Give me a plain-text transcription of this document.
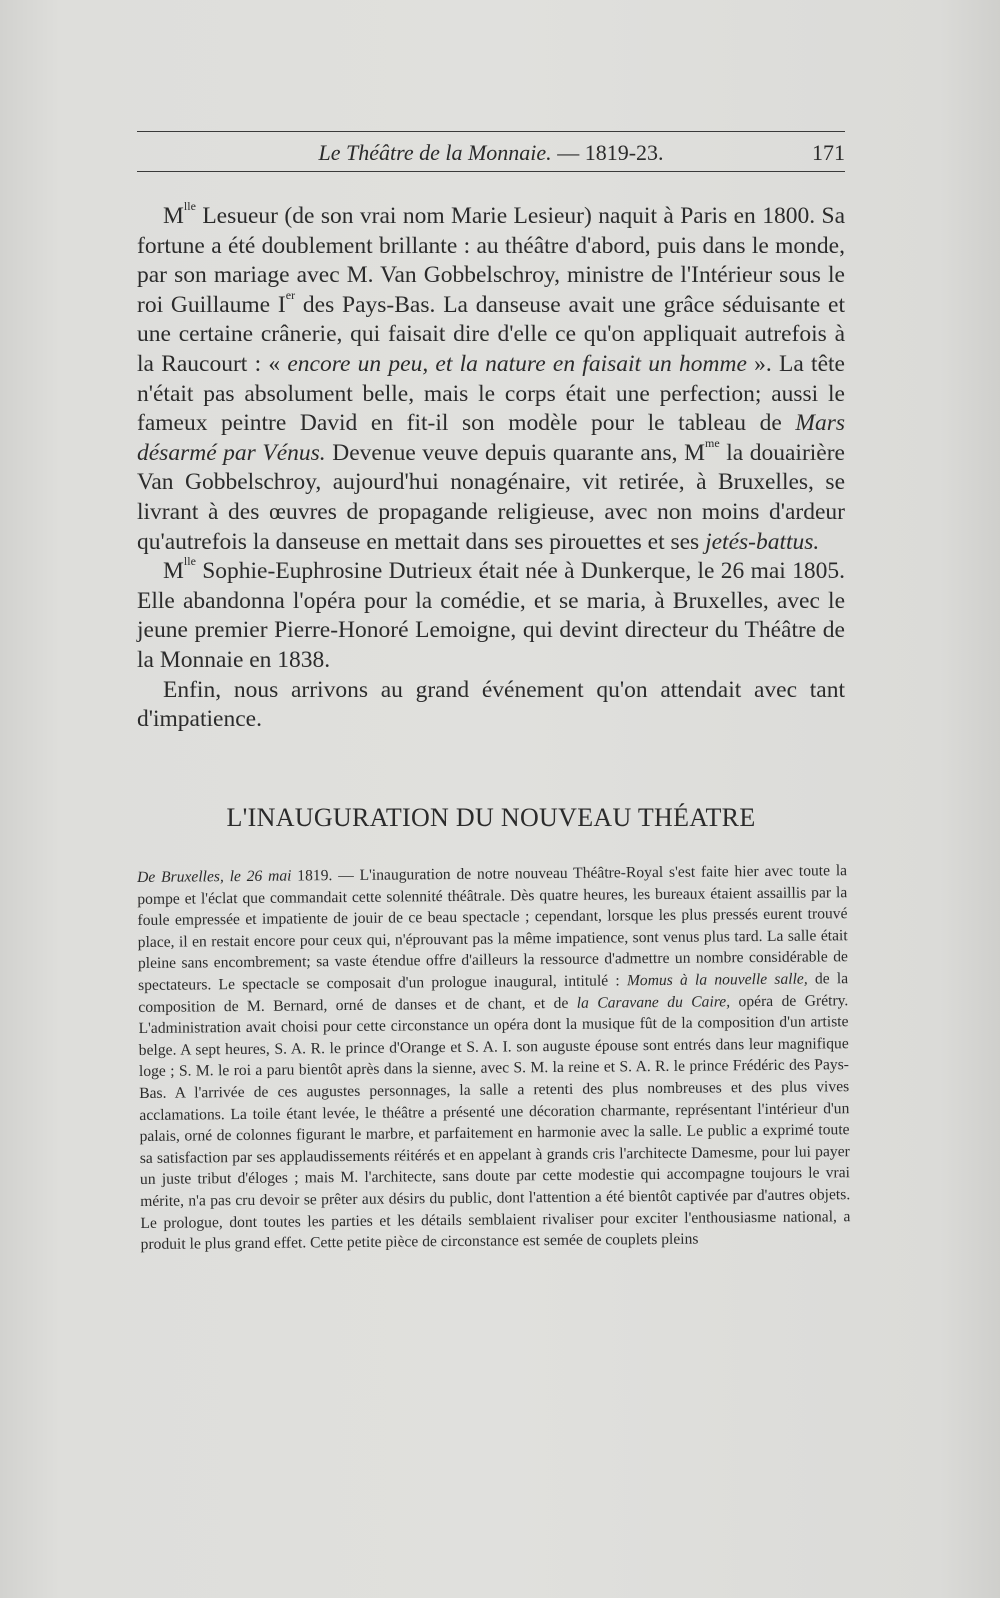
Le Théâtre de la Monnaie. — 1819-23.	171

$M^{lle}$ Lesueur (de son vrai nom Marie Lesieur) naquit à Paris en 1800. Sa fortune a été doublement brillante : au théâtre d'abord, puis dans le monde, par son mariage avec M. Van Gobbelschroy, ministre de l'Intérieur sous le roi Guillaume Ier des Pays-Bas. La danseuse avait une grâce séduisante et une certaine crânerie, qui faisait dire d'elle ce qu'on appliquait autrefois à la Raucourt : « encore un peu, et la nature en faisait un homme ». La tête n'était pas absolument belle, mais le corps était une perfection; aussi le fameux peintre David en fit-il son modèle pour le tableau de Mars désarmé par Vénus. Devenue veuve depuis quarante ans, $M^{me}$ la douairière Van Gobbelschroy, aujourd'hui nonagénaire, vit retirée, à Bruxelles, se livrant à des œuvres de propagande religieuse, avec non moins d'ardeur qu'autrefois la danseuse en mettait dans ses pirouettes et ses jetés-battus.

$M^{lle}$ Sophie-Euphrosine Dutrieux était née à Dunkerque, le 26 mai 1805. Elle abandonna l'opéra pour la comédie, et se maria, à Bruxelles, avec le jeune premier Pierre-Honoré Lemoigne, qui devint directeur du Théâtre de la Monnaie en 1838.

Enfin, nous arrivons au grand événement qu'on attendait avec tant d'impatience.

L'INAUGURATION DU NOUVEAU THÉATRE

De Bruxelles, le 26 mai 1819. — L'inauguration de notre nouveau Théâtre-Royal s'est faite hier avec toute la pompe et l'éclat que commandait cette solennité théâtrale. Dès quatre heures, les bureaux étaient assaillis par la foule empressée et impatiente de jouir de ce beau spectacle ; cependant, lorsque les plus pressés eurent trouvé place, il en restait encore pour ceux qui, n'éprouvant pas la même impatience, sont venus plus tard. La salle était pleine sans encombrement; sa vaste étendue offre d'ailleurs la ressource d'admettre un nombre considérable de spectateurs. Le spectacle se composait d'un prologue inaugural, intitulé : Momus à la nouvelle salle, de la composition de M. Bernard, orné de danses et de chant, et de la Caravane du Caire, opéra de Grétry. L'administration avait choisi pour cette circonstance un opéra dont la musique fût de la composition d'un artiste belge. A sept heures, S. A. R. le prince d'Orange et S. A. I. son auguste épouse sont entrés dans leur magnifique loge ; S. M. le roi a paru bientôt après dans la sienne, avec S. M. la reine et S. A. R. le prince Frédéric des Pays-Bas. A l'arrivée de ces augustes personnages, la salle a retenti des plus nombreuses et des plus vives acclamations. La toile étant levée, le théâtre a présenté une décoration charmante, représentant l'intérieur d'un palais, orné de colonnes figurant le marbre, et parfaitement en harmonie avec la salle. Le public a exprimé toute sa satisfaction par ses applaudissements réitérés et en appelant à grands cris l'architecte Damesme, pour lui payer un juste tribut d'éloges ; mais M. l'architecte, sans doute par cette modestie qui accompagne toujours le vrai mérite, n'a pas cru devoir se prêter aux désirs du public, dont l'attention a été bientôt captivée par d'autres objets. Le prologue, dont toutes les parties et les détails semblaient rivaliser pour exciter l'enthousiasme national, a produit le plus grand effet. Cette petite pièce de circonstance est semée de couplets pleins
